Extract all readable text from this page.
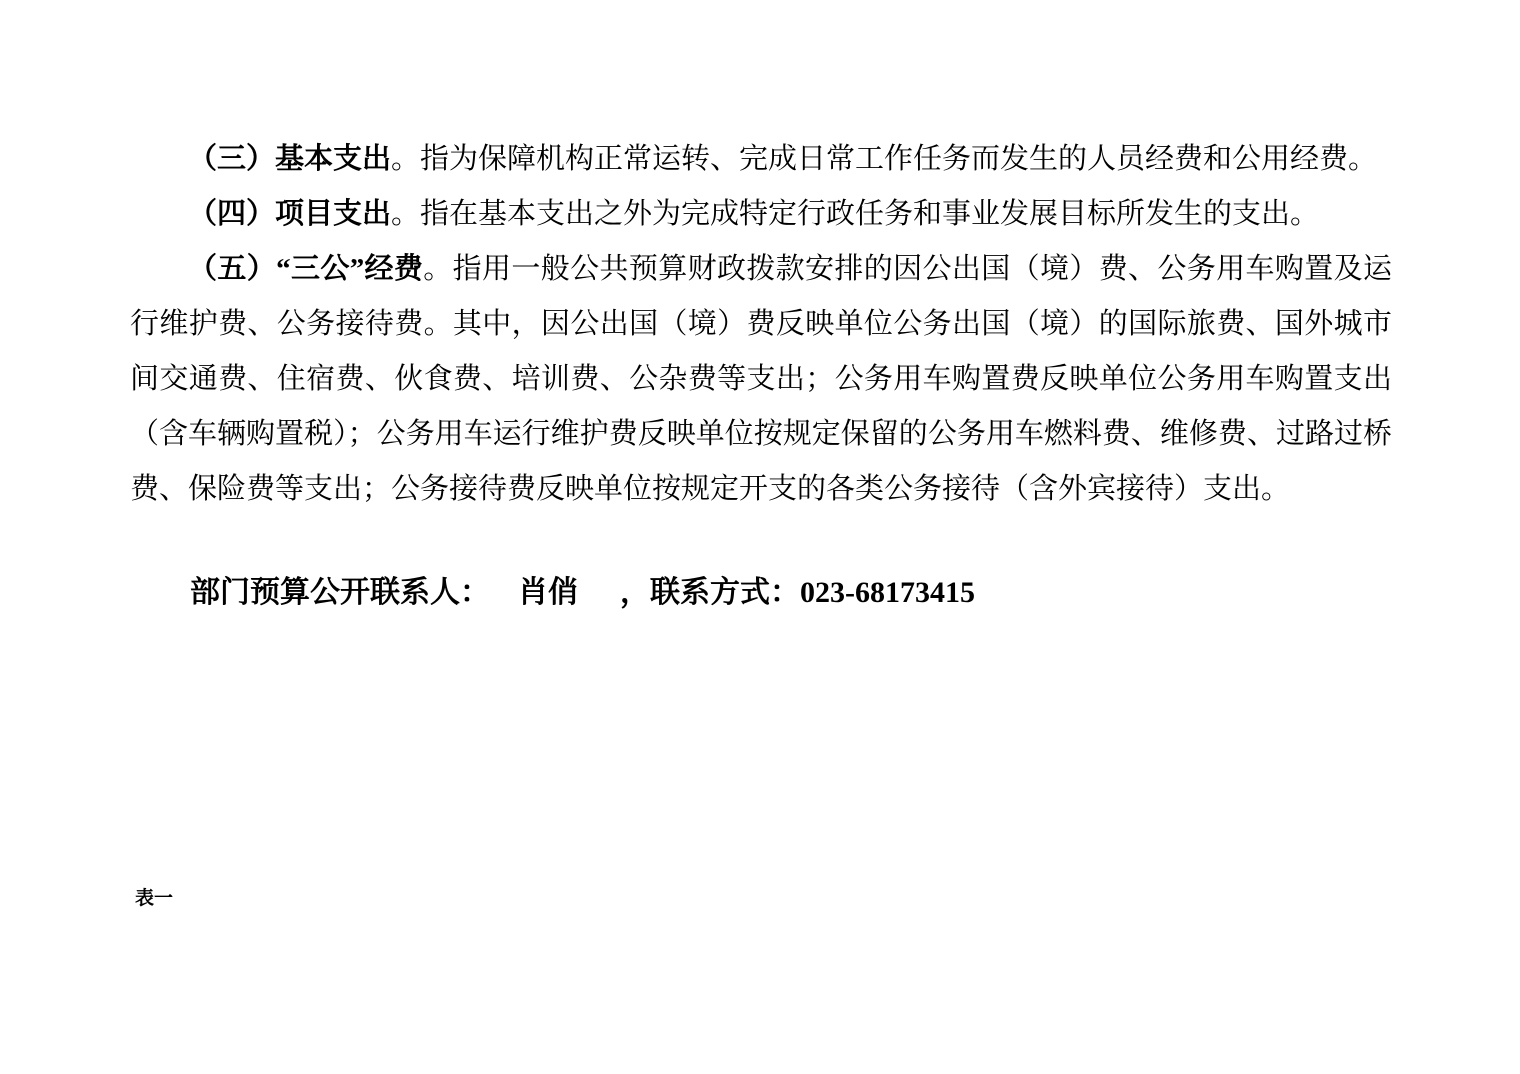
（三）基本支出。指为保障机构正常运转、完成日常工作任务而发生的人员经费和公用经费。

（四）项目支出。指在基本支出之外为完成特定行政任务和事业发展目标所发生的支出。

（五）“三公”经费。指用一般公共预算财政拨款安排的因公出国（境）费、公务用车购置及运行维护费、公务接待费。其中，因公出国（境）费反映单位公务出国（境）的国际旅费、国外城市间交通费、住宿费、伙食费、培训费、公杂费等支出；公务用车购置费反映单位公务用车购置支出（含车辆购置税）；公务用车运行维护费反映单位按规定保留的公务用车燃料费、维修费、过路过桥费、保险费等支出；公务接待费反映单位按规定开支的各类公务接待（含外宾接待）支出。

部门预算公开联系人： 肖俏 ，联系方式：023-68173415

表一
